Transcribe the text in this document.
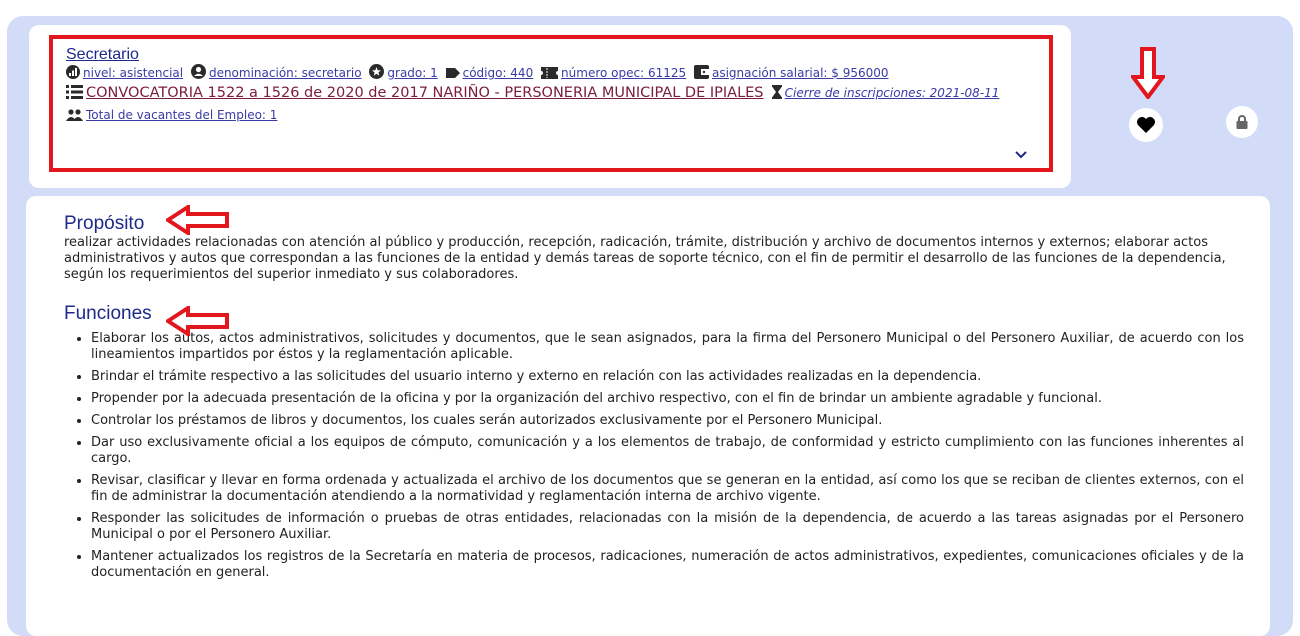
Secretario
nivel: asistencial denominación: secretario grado: 1 código: 440 número opec: 61125 asignación salarial: $ 956000
CONVOCATORIA 1522 a 1526 de 2020 de 2017 NARIÑO - PERSONERIA MUNICIPAL DE IPIALES Cierre de inscripciones: 2021-08-11
Total de vacantes del Empleo: 1
Propósito

realizar actividades relacionadas con atención al público y producción, recepción, radicación, trámite, distribución y archivo de documentos internos y externos; elaborar actos administrativos y autos que correspondan a las funciones de la entidad y demás tareas de soporte técnico, con el fin de permitir el desarrollo de las funciones de la dependencia, según los requerimientos del superior inmediato y sus colaboradores.

Funciones
• Elaborar los autos, actos administrativos, solicitudes y documentos, que le sean asignados, para la firma del Personero Municipal o del Personero Auxiliar, de acuerdo con los lineamientos impartidos por éstos y la reglamentación aplicable.
• Brindar el trámite respectivo a las solicitudes del usuario interno y externo en relación con las actividades realizadas en la dependencia.
• Propender por la adecuada presentación de la oficina y por la organización del archivo respectivo, con el fin de brindar un ambiente agradable y funcional.
• Controlar los préstamos de libros y documentos, los cuales serán autorizados exclusivamente por el Personero Municipal.
• Dar uso exclusivamente oficial a los equipos de cómputo, comunicación y a los elementos de trabajo, de conformidad y estricto cumplimiento con las funciones inherentes al cargo.
• Revisar, clasificar y llevar en forma ordenada y actualizada el archivo de los documentos que se generan en la entidad, así como los que se reciban de clientes externos, con el fin de administrar la documentación atendiendo a la normatividad y reglamentación interna de archivo vigente.
• Responder las solicitudes de información o pruebas de otras entidades, relacionadas con la misión de la dependencia, de acuerdo a las tareas asignadas por el Personero Municipal o por el Personero Auxiliar.
• Mantener actualizados los registros de la Secretaría en materia de procesos, radicaciones, numeración de actos administrativos, expedientes, comunicaciones oficiales y de la documentación en general.
